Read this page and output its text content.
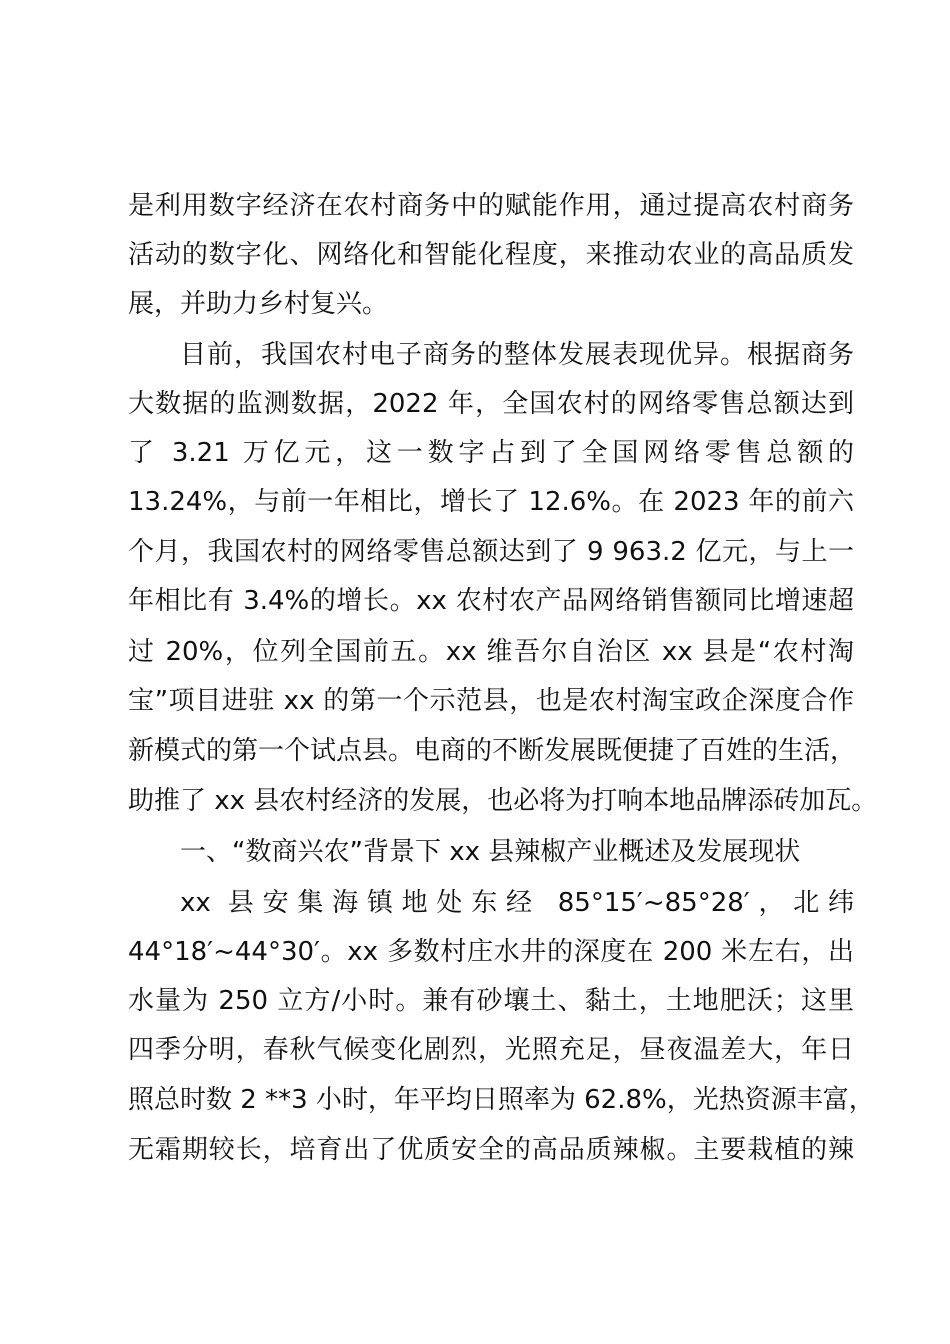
是利用数字经济在农村商务中的赋能作用，通过提高农村商务
活动的数字化、网络化和智能化程度，来推动农业的高品质发
展，并助力乡村复兴。
目前，我国农村电子商务的整体发展表现优异。根据商务
大数据的监测数据，2022 年，全国农村的网络零售总额达到
了 3.21 万亿元，这一数字占到了全国网络零售总额的
13.24%，与前一年相比，增长了 12.6%。在 2023 年的前六
个月，我国农村的网络零售总额达到了 9 963.2 亿元，与上一
年相比有 3.4%的增长。xx 农村农产品网络销售额同比增速超
过 20%，位列全国前五。xx 维吾尔自治区 xx 县是“农村淘
宝”项目进驻 xx 的第一个示范县，也是农村淘宝政企深度合作
新模式的第一个试点县。电商的不断发展既便捷了百姓的生活，
助推了 xx 县农村经济的发展，也必将为打响本地品牌添砖加瓦。
一、“数商兴农”背景下 xx 县辣椒产业概述及发展现状
xx 县安集海镇地处东经 85°15′~85°28′，北纬
44°18′~44°30′。xx 多数村庄水井的深度在 200 米左右，出
水量为 250 立方/小时。兼有砂壤土、黏土，土地肥沃；这里
四季分明，春秋气候变化剧烈，光照充足，昼夜温差大，年日
照总时数 2 **3 小时，年平均日照率为 62.8%，光热资源丰富，
无霜期较长，培育出了优质安全的高品质辣椒。主要栽植的辣
